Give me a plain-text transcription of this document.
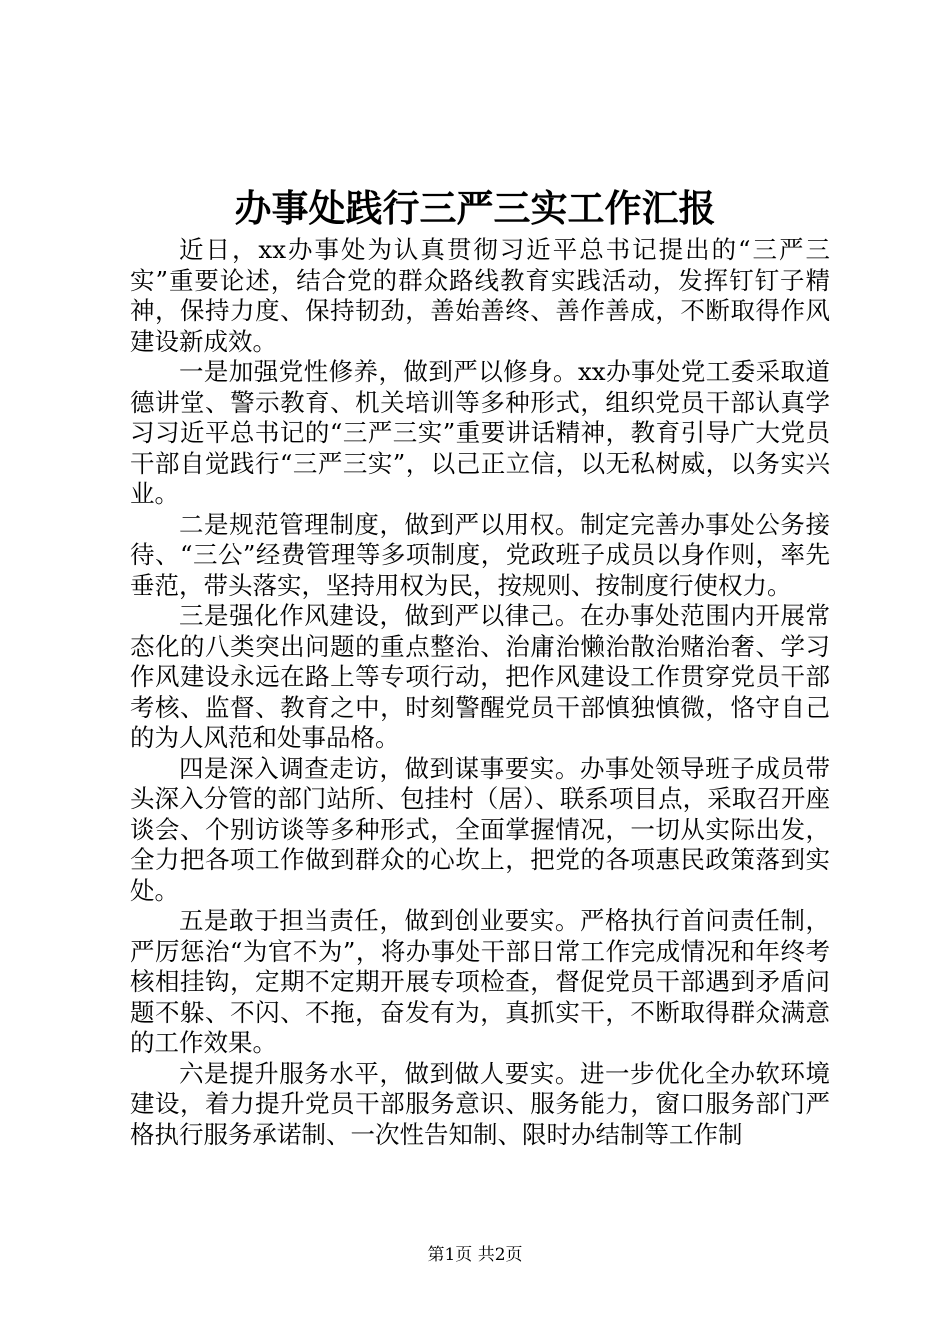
办事处践行三严三实工作汇报

近日，xx办事处为认真贯彻习近平总书记提出的“三严三实”重要论述，结合党的群众路线教育实践活动，发挥钉钉子精神，保持力度、保持韧劲，善始善终、善作善成，不断取得作风建设新成效。

一是加强党性修养，做到严以修身。xx办事处党工委采取道德讲堂、警示教育、机关培训等多种形式，组织党员干部认真学习习近平总书记的“三严三实”重要讲话精神，教育引导广大党员干部自觉践行“三严三实”，以己正立信，以无私树威，以务实兴业。

二是规范管理制度，做到严以用权。制定完善办事处公务接待、“三公”经费管理等多项制度，党政班子成员以身作则，率先垂范，带头落实，坚持用权为民，按规则、按制度行使权力。

三是强化作风建设，做到严以律己。在办事处范围内开展常态化的八类突出问题的重点整治、治庸治懒治散治赌治奢、学习作风建设永远在路上等专项行动，把作风建设工作贯穿党员干部考核、监督、教育之中，时刻警醒党员干部慎独慎微，恪守自己的为人风范和处事品格。

四是深入调查走访，做到谋事要实。办事处领导班子成员带头深入分管的部门站所、包挂村（居）、联系项目点，采取召开座谈会、个别访谈等多种形式，全面掌握情况，一切从实际出发，全力把各项工作做到群众的心坎上，把党的各项惠民政策落到实处。

五是敢于担当责任，做到创业要实。严格执行首问责任制，严厉惩治“为官不为”，将办事处干部日常工作完成情况和年终考核相挂钩，定期不定期开展专项检查，督促党员干部遇到矛盾问题不躲、不闪、不拖，奋发有为，真抓实干，不断取得群众满意的工作效果。

六是提升服务水平，做到做人要实。进一步优化全办软环境建设，着力提升党员干部服务意识、服务能力，窗口服务部门严格执行服务承诺制、一次性告知制、限时办结制等工作制

第1页 共2页
